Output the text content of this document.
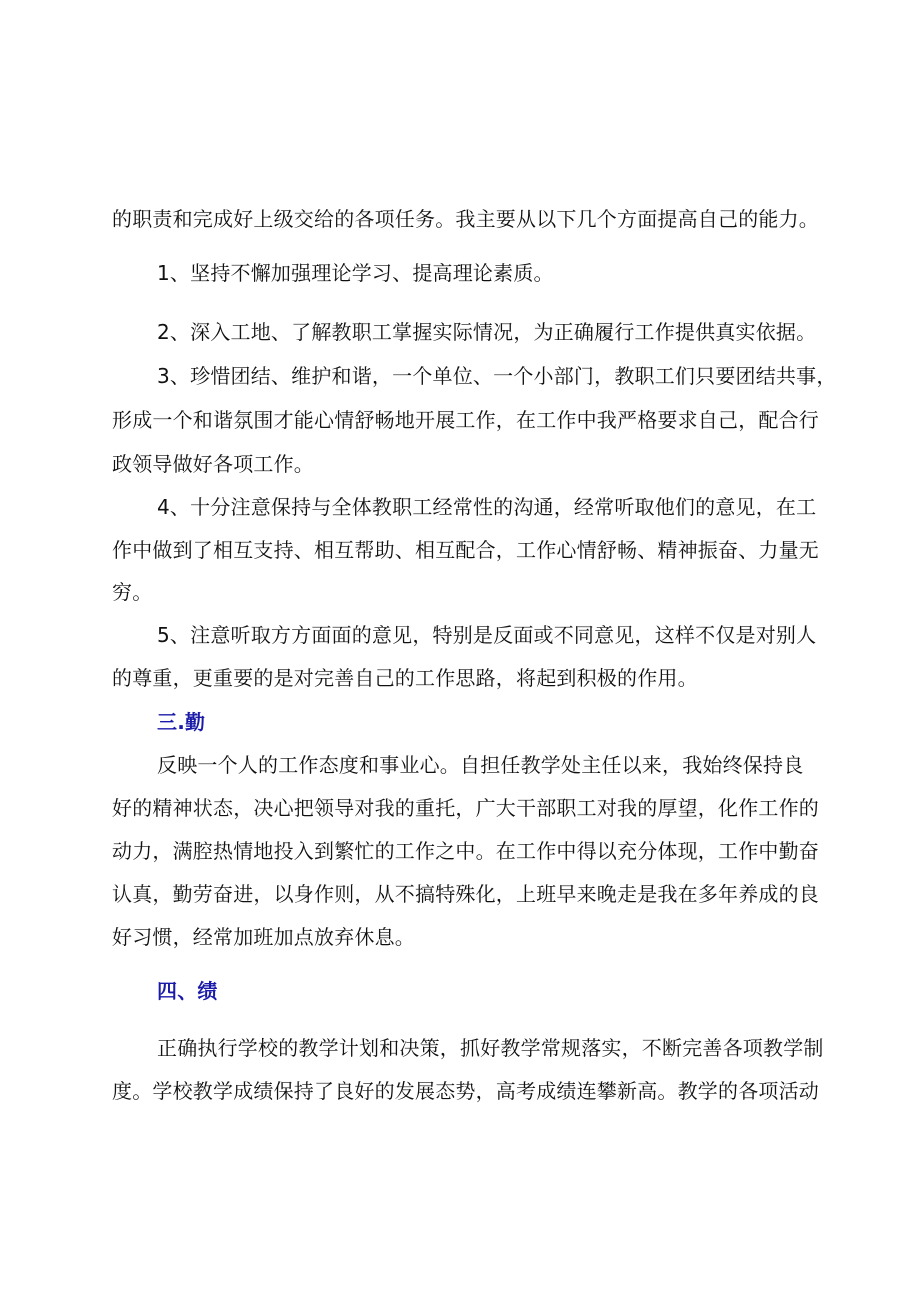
的职责和完成好上级交给的各项任务。我主要从以下几个方面提高自己的能力。
1、坚持不懈加强理论学习、提高理论素质。
2、深入工地、了解教职工掌握实际情况，为正确履行工作提供真实依据。
3、珍惜团结、维护和谐，一个单位、一个小部门，教职工们只要团结共事，
形成一个和谐氛围才能心情舒畅地开展工作，在工作中我严格要求自己，配合行
政领导做好各项工作。
4、十分注意保持与全体教职工经常性的沟通，经常听取他们的意见，在工
作中做到了相互支持、相互帮助、相互配合，工作心情舒畅、精神振奋、力量无
穷。
5、注意听取方方面面的意见，特别是反面或不同意见，这样不仅是对别人
的尊重，更重要的是对完善自己的工作思路，将起到积极的作用。
三.勤
反映一个人的工作态度和事业心。自担任教学处主任以来，我始终保持良
好的精神状态，决心把领导对我的重托，广大干部职工对我的厚望，化作工作的
动力，满腔热情地投入到繁忙的工作之中。在工作中得以充分体现，工作中勤奋
认真，勤劳奋进，以身作则，从不搞特殊化，上班早来晚走是我在多年养成的良
好习惯，经常加班加点放弃休息。
四、绩
正确执行学校的教学计划和决策，抓好教学常规落实，不断完善各项教学制
度。学校教学成绩保持了良好的发展态势，高考成绩连攀新高。教学的各项活动
